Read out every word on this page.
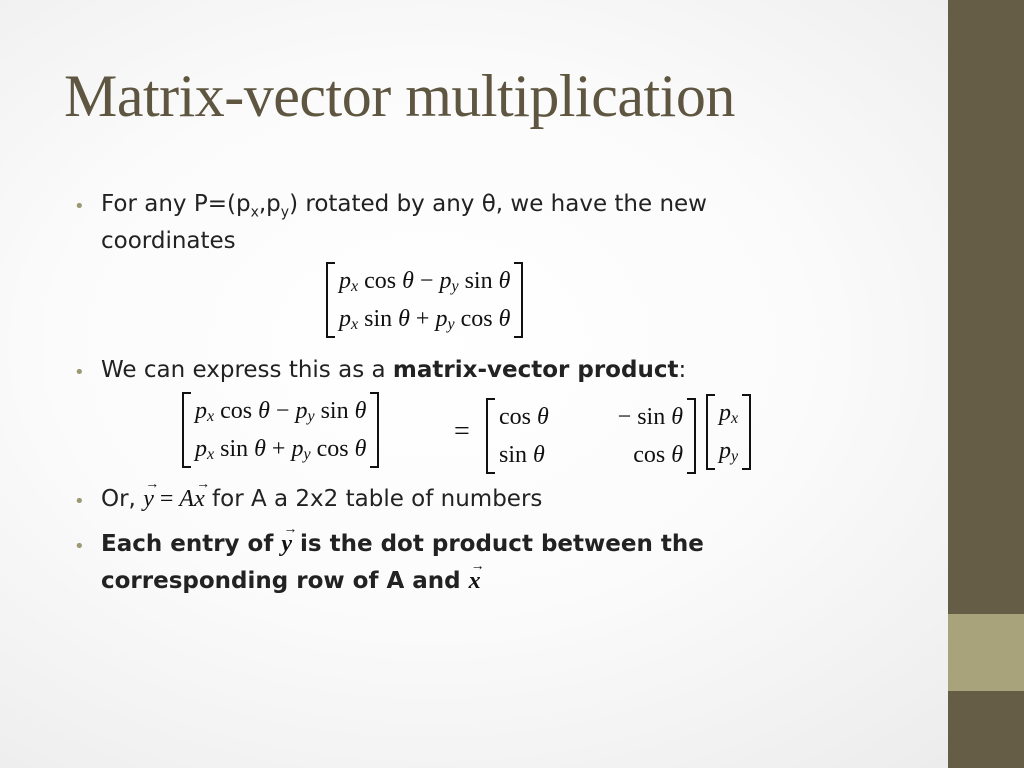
Matrix-vector multiplication
• For any $P=(p_x,p_y)$ rotated by any θ, we have the new
coordinates
p x
cos
θ
−
p y
sin
θ
p x
sin
θ
+
p y
cos
θ
• We can express this as a matrix-vector product:
p x
cos
θ
−
p y
sin
θ
p x
sin
θ
+
p y
cos
θ
= cos θ	− sin θ
sin θ	cos θ
p x
p y
• Or, y → = Ax → for A a 2x2 table of numbers
• Each entry of y → is the dot product between the
corresponding row of A and x →
